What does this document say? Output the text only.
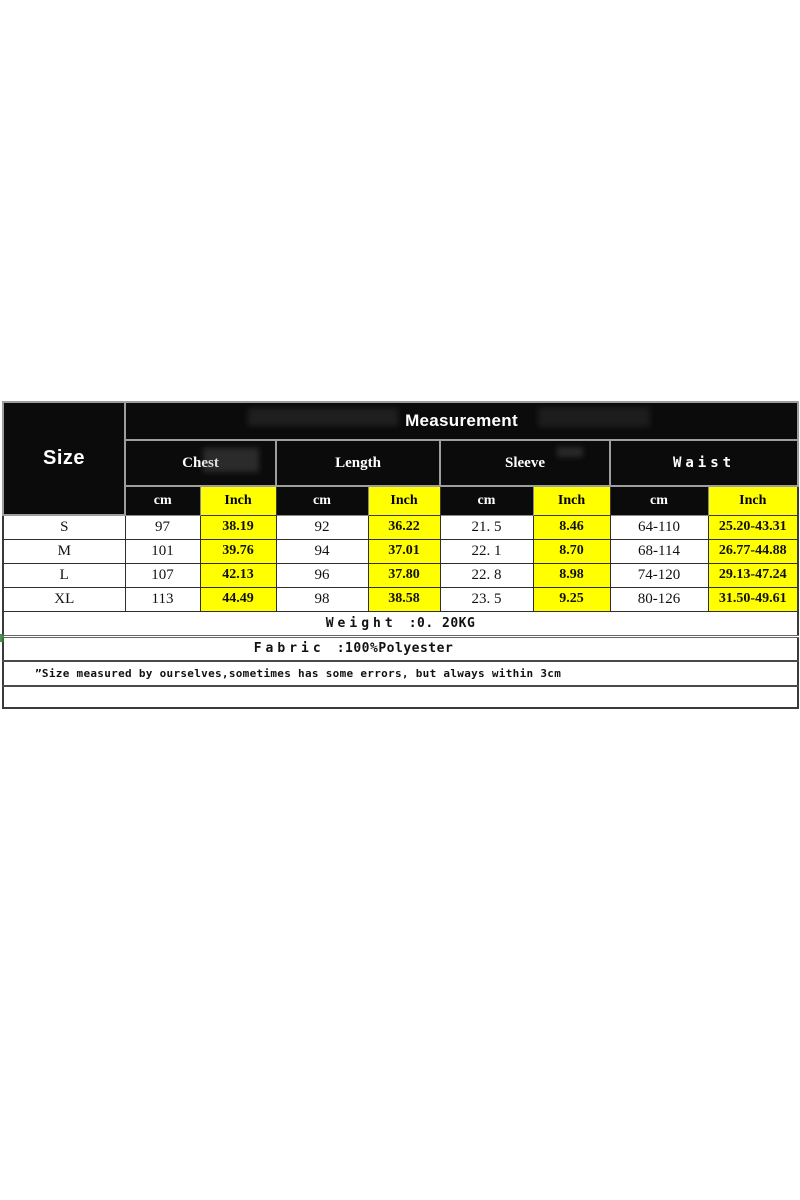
Size	Measurement							
	Chest		Length		Sleeve		Waist	
	cm	Inch	cm	Inch	cm	Inch	cm	Inch
S	97	38.19	92	36.22	21. 5	8.46	64-110	25.20-43.31
M	101	39.76	94	37.01	22. 1	8.70	68-114	26.77-44.88
L	107	42.13	96	37.80	22. 8	8.98	74-120	29.13-47.24
XL	113	44.49	98	38.58	23. 5	9.25	80-126	31.50-49.61

Weight :0. 20KG								

Fabric :100%Polyester								

”Size measured by ourselves,sometimes has some errors, but always within 3cm								
